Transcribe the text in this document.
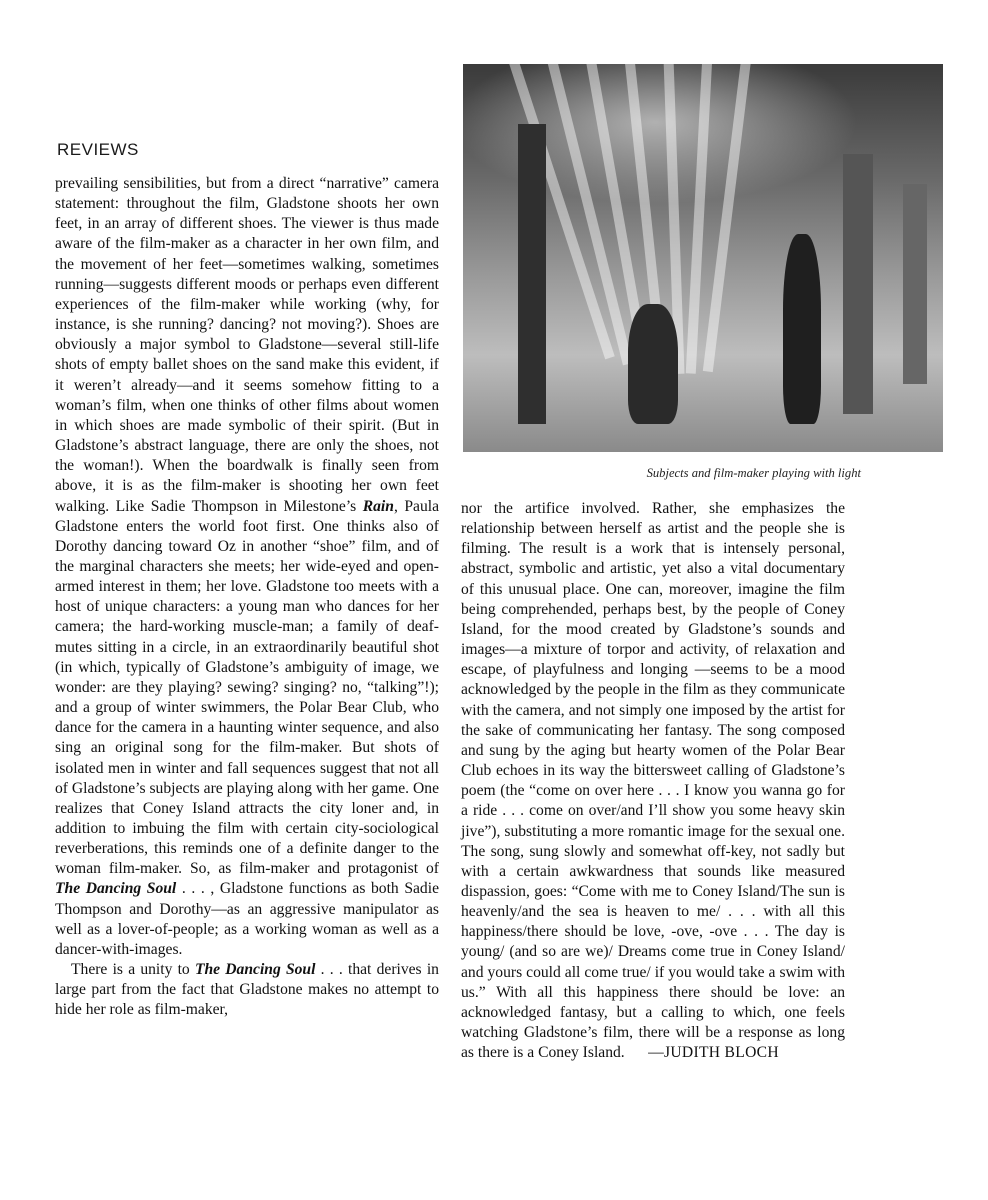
REVIEWS

prevailing sensibilities, but from a direct “narrative” camera statement: throughout the film, Gladstone shoots her own feet, in an array of different shoes. The viewer is thus made aware of the film-maker as a character in her own film, and the movement of her feet—sometimes walking, sometimes running—suggests different moods or perhaps even different experiences of the film-maker while working (why, for instance, is she running? dancing? not moving?). Shoes are obviously a major symbol to Gladstone—several still-life shots of empty ballet shoes on the sand make this evident, if it weren’t already—and it seems somehow fitting to a woman’s film, when one thinks of other films about women in which shoes are made symbolic of their spirit. (But in Gladstone’s abstract language, there are only the shoes, not the woman!). When the boardwalk is finally seen from above, it is as the film-maker is shooting her own feet walking. Like Sadie Thompson in Milestone’s Rain, Paula Gladstone enters the world foot first. One thinks also of Dorothy dancing toward Oz in another “shoe” film, and of the marginal characters she meets; her wide-eyed and open-armed interest in them; her love. Gladstone too meets with a host of unique characters: a young man who dances for her camera; the hard-working muscle-man; a family of deaf-mutes sitting in a circle, in an extraordinarily beautiful shot (in which, typically of Gladstone’s ambiguity of image, we wonder: are they playing? sewing? singing? no, “talking”!); and a group of winter swimmers, the Polar Bear Club, who dance for the camera in a haunting winter sequence, and also sing an original song for the film-maker. But shots of isolated men in winter and fall sequences suggest that not all of Gladstone’s subjects are playing along with her game. One realizes that Coney Island attracts the city loner and, in addition to imbuing the film with certain city-sociological reverberations, this reminds one of a definite danger to the woman film-maker. So, as film-maker and protagonist of The Dancing Soul . . . , Gladstone functions as both Sadie Thompson and Dorothy—as an aggressive manipulator as well as a lover-of-people; as a working woman as well as a dancer-with-images.

There is a unity to The Dancing Soul . . . that derives in large part from the fact that Gladstone makes no attempt to hide her role as film-maker,

Subjects and film-maker playing with light

nor the artifice involved. Rather, she emphasizes the relationship between herself as artist and the people she is filming. The result is a work that is intensely personal, abstract, symbolic and artistic, yet also a vital documentary of this unusual place. One can, moreover, imagine the film being comprehended, perhaps best, by the people of Coney Island, for the mood created by Gladstone’s sounds and images—a mixture of torpor and activity, of relaxation and escape, of playfulness and longing —seems to be a mood acknowledged by the people in the film as they communicate with the camera, and not simply one imposed by the artist for the sake of communicating her fantasy. The song composed and sung by the aging but hearty women of the Polar Bear Club echoes in its way the bittersweet calling of Gladstone’s poem (the “come on over here . . . I know you wanna go for a ride . . . come on over/and I’ll show you some heavy skin jive”), substituting a more romantic image for the sexual one. The song, sung slowly and somewhat off-key, not sadly but with a certain awkwardness that sounds like measured dispassion, goes: “Come with me to Coney Island/The sun is heavenly/and the sea is heaven to me/ . . . with all this happiness/there should be love, -ove, -ove . . . The day is young/ (and so are we)/ Dreams come true in Coney Island/ and yours could all come true/ if you would take a swim with us.” With all this happiness there should be love: an acknowledged fantasy, but a calling to which, one feels watching Gladstone’s film, there will be a response as long as there is a Coney Island. —JUDITH BLOCH
